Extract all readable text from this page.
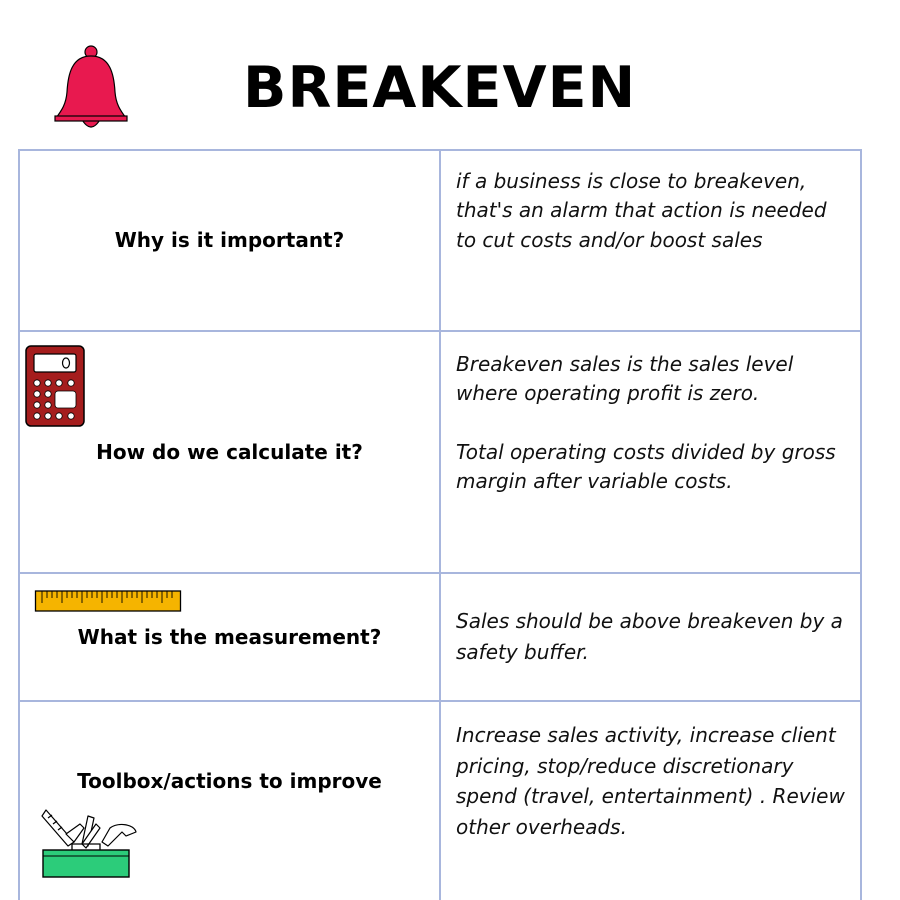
BREAKEVEN

Why is it important?

if a business is close to breakeven, that's an alarm that action is needed to cut costs and/or boost sales

How do we calculate it?

Breakeven sales is the sales level where operating profit is zero.

Total operating costs divided by gross margin after variable costs.

What is the measurement?

Sales should be above breakeven by a safety buffer.

Toolbox/actions to improve

Increase sales activity, increase client pricing, stop/reduce discretionary spend (travel, entertainment) . Review other overheads.
